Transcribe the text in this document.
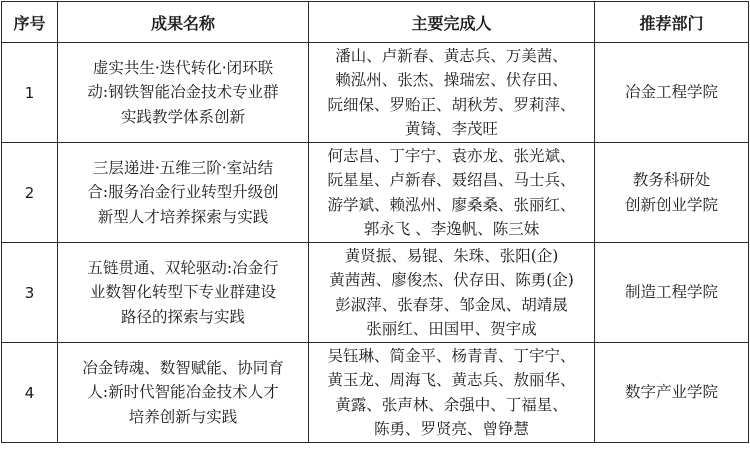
序号	成果名称	主要完成人	推荐部门
1	虚实共生·迭代转化·闭环联
动:钢铁智能冶金技术专业群
实践教学体系创新	潘山、卢新春、黄志兵、万美茜、
赖泓州、张杰、操瑞宏、伏存田、
阮细保、罗贻正、胡秋芳、罗莉萍、
黄锜、李茂旺	冶金工程学院

2	三层递进·五维三阶·室站结
合:服务冶金行业转型升级创
新型人才培养探索与实践	何志昌、丁宇宁、袁亦龙、张光斌、
阮星星、卢新春、聂绍昌、马士兵、
游学斌、赖泓州、廖桑桑、张丽红、
郭永飞 、李逸帆、陈三妹	教务科研处
创新创业学院

3	五链贯通、双轮驱动:冶金行
业数智化转型下专业群建设
路径的探索与实践	黄贤振、易锟、朱珠、张阳(企)
黄茜茜、廖俊杰、伏存田、陈勇(企)
彭淑萍、张春芽、邹金凤、胡靖晟
张丽红、田国甲、贺宇成	制造工程学院

4	冶金铸魂、数智赋能、协同育
人:新时代智能冶金技术人才
培养创新与实践	吴钰琳、简金平、杨青青、丁宇宁、
黄玉龙、周海飞、黄志兵、敖丽华、
黄露、张声林、余强中、丁福星、
陈勇、罗贤亮、曾铮慧	数字产业学院
